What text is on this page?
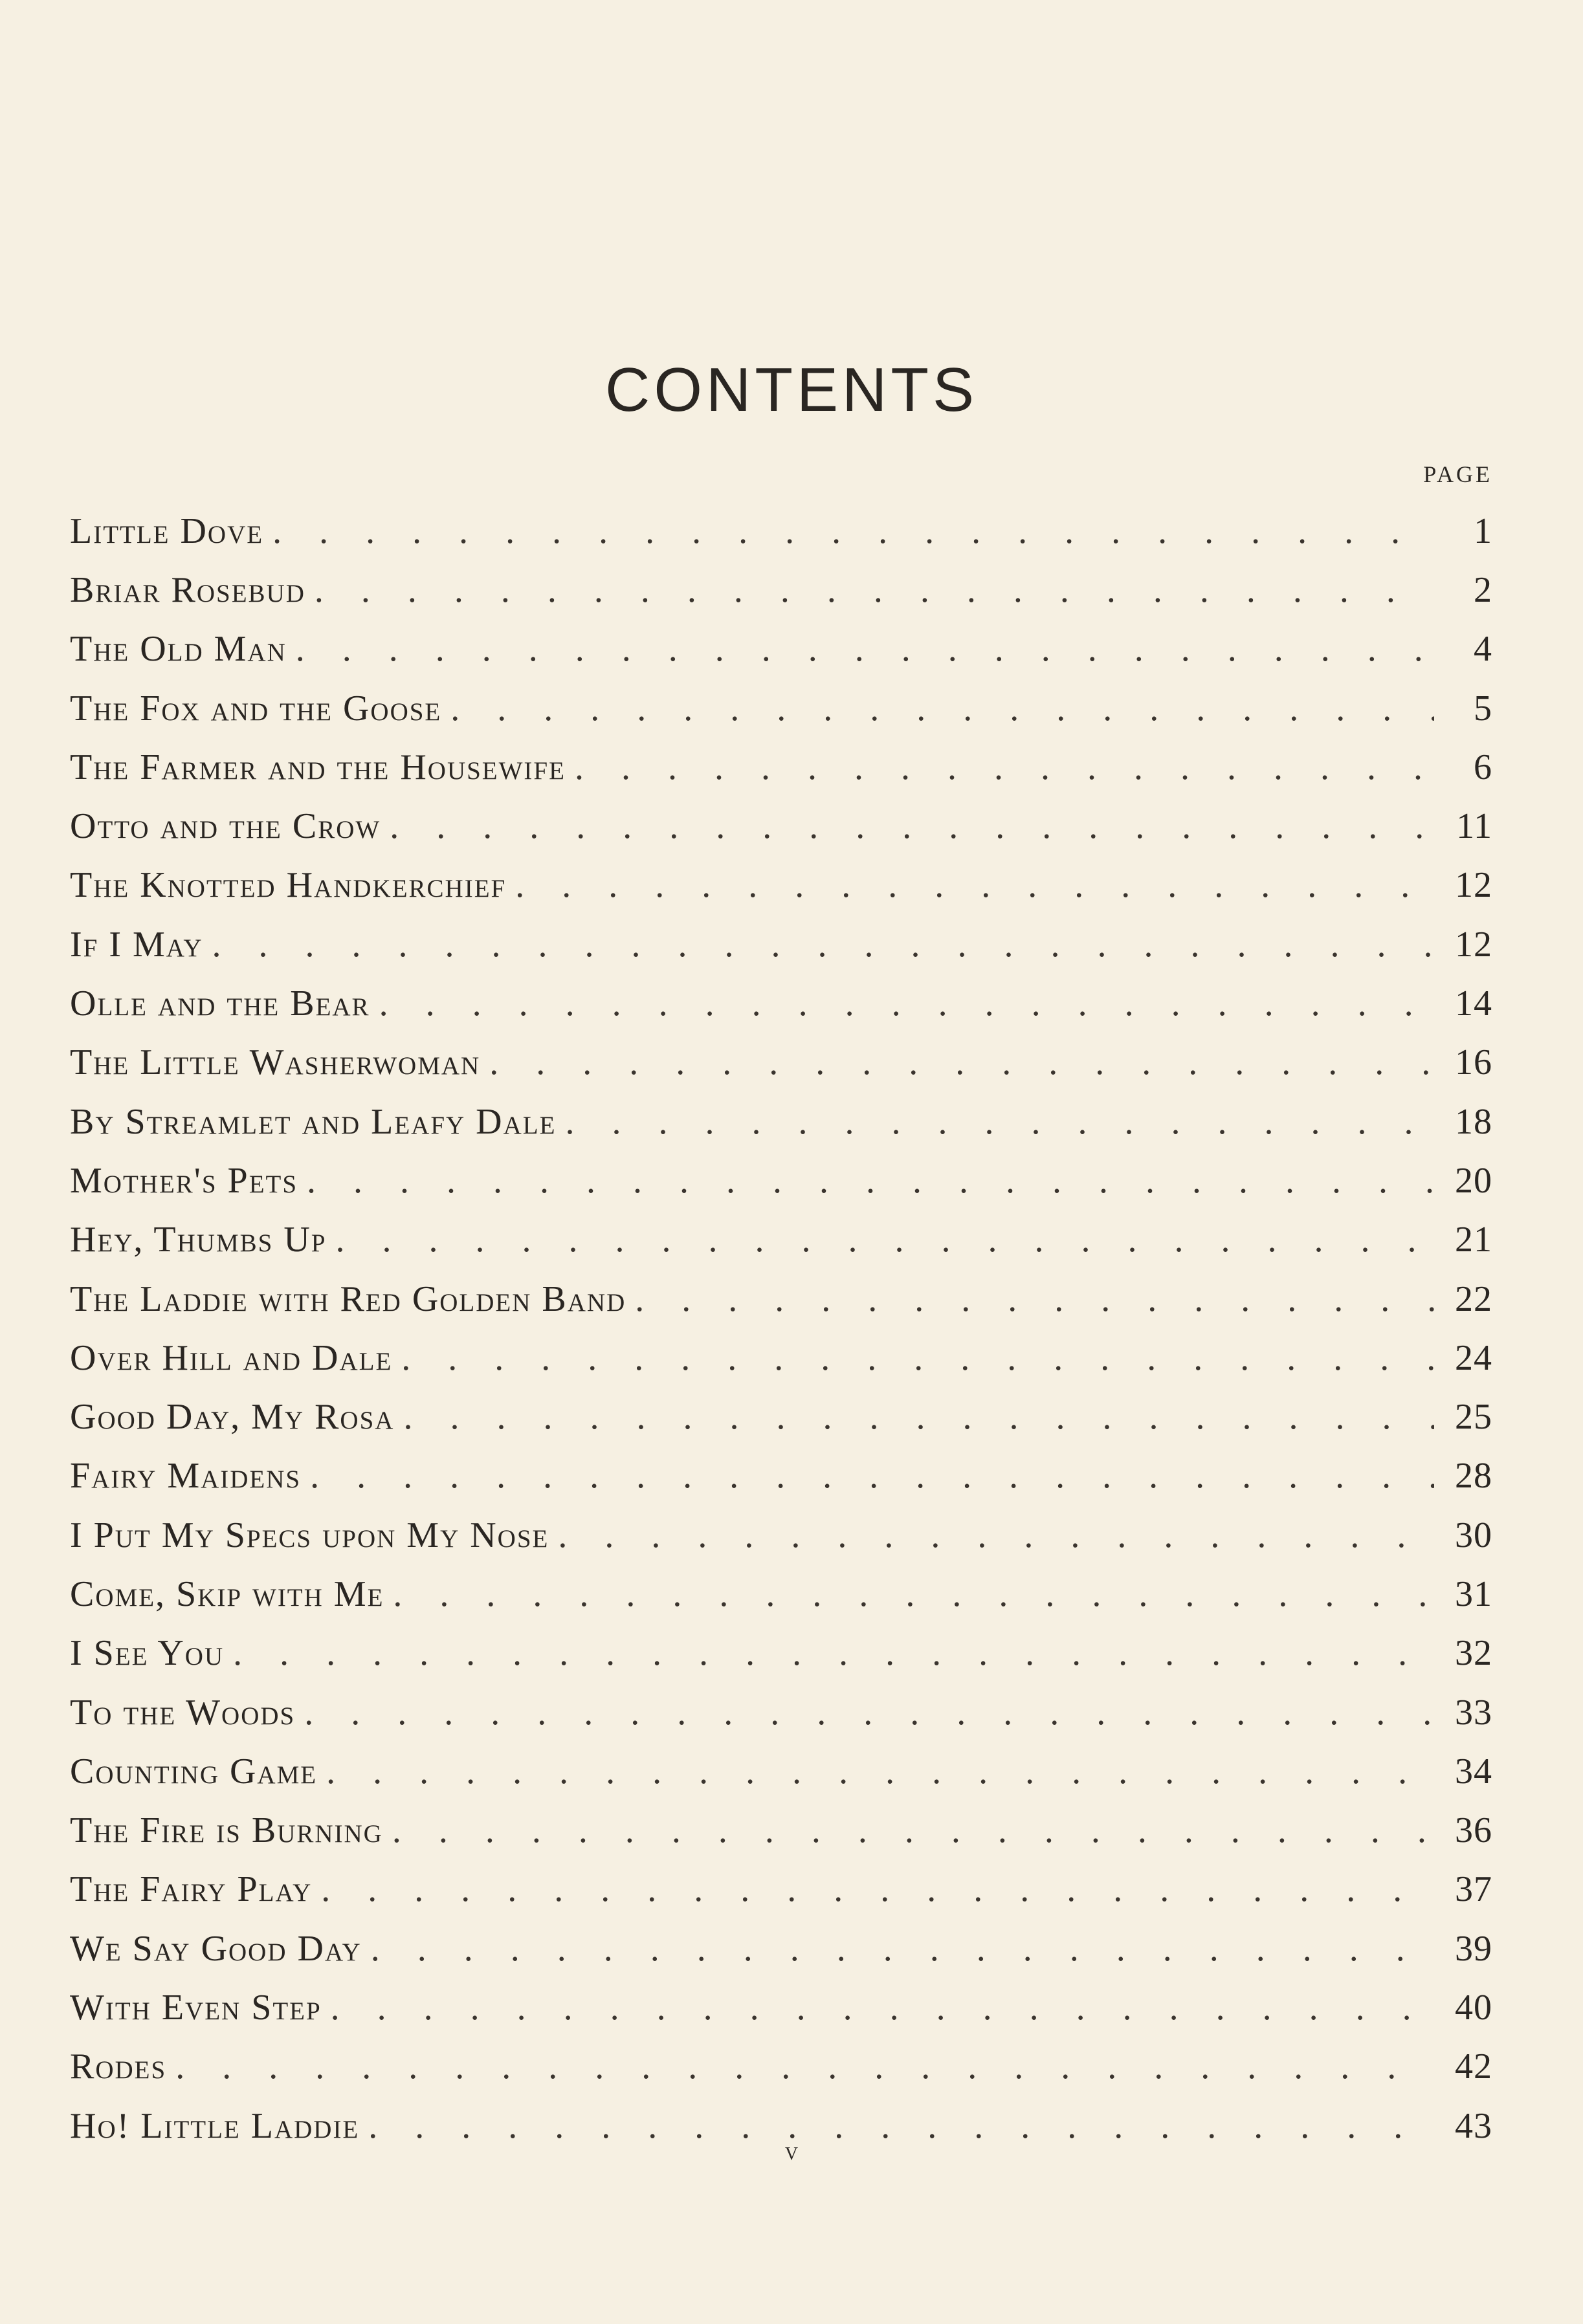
CONTENTS
PAGE
Little Dove . . .	1
Briar Rosebud . . .	2
The Old Man . . .	4
The Fox and the Goose . . .	5
The Farmer and the Housewife . . .	6
Otto and the Crow . . .	11
The Knotted Handkerchief . . .	12
If I May . . .	12
Olle and the Bear . . .	14
The Little Washerwoman . . .	16
By Streamlet and Leafy Dale . . .	18
Mother's Pets . . .	20
Hey, Thumbs Up . . .	21
The Laddie with Red Golden Band . . .	22
Over Hill and Dale . . .	24
Good Day, My Rosa . . .	25
Fairy Maidens . . .	28
I Put My Specs upon My Nose . . .	30
Come, Skip with Me . . .	31
I See You . . .	32
To the Woods . . .	33
Counting Game . . .	34
The Fire is Burning . . .	36
The Fairy Play . . .	37
We Say Good Day . . .	39
With Even Step . . .	40
Rodes . . .	42
Ho! Little Laddie . . .	43
v
